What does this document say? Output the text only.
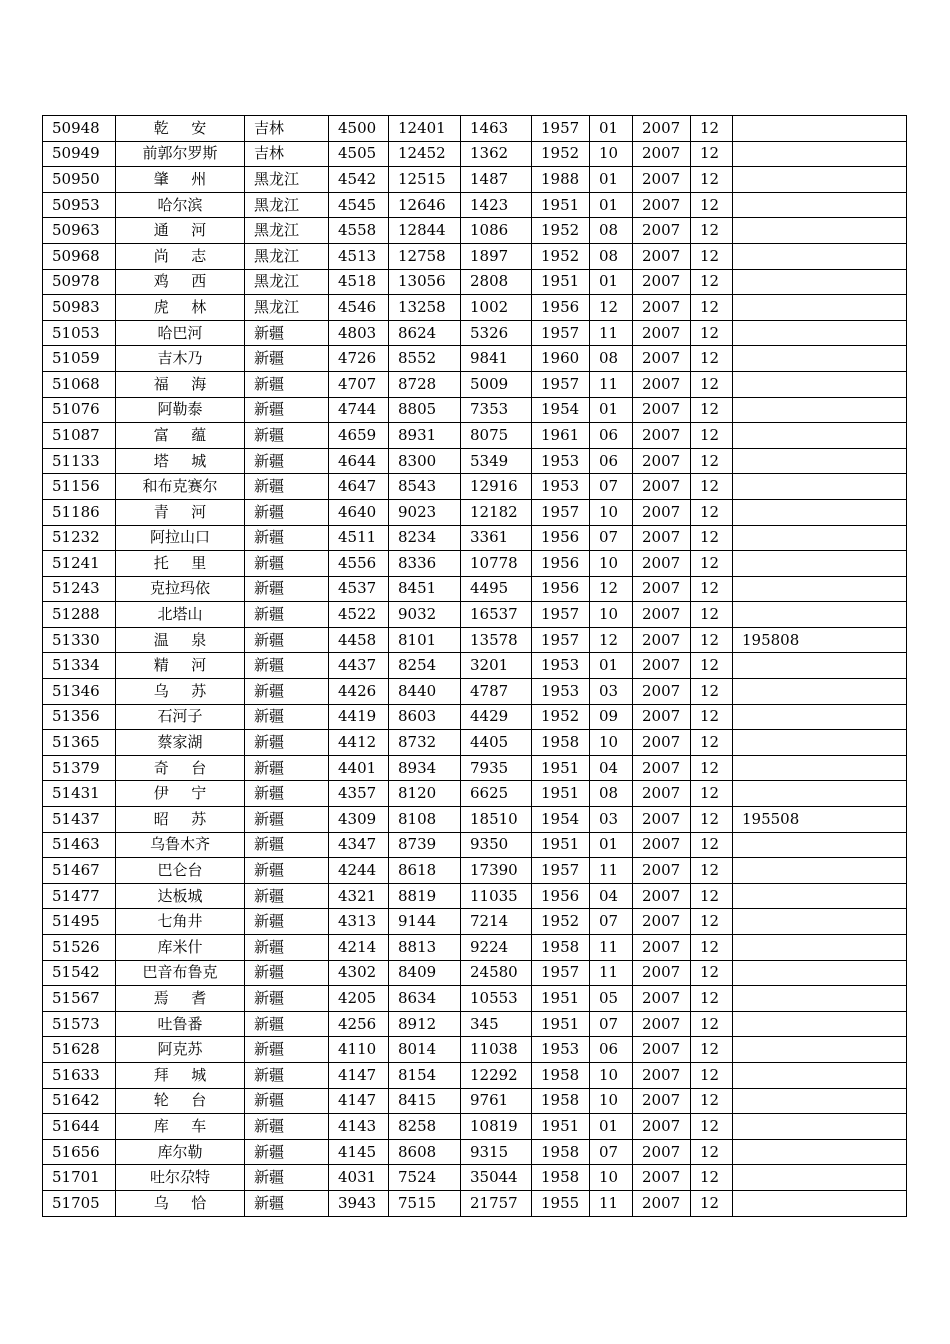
50948	乾　 安	吉林	4500	12401	1463	1957	01	2007	12	
50949	前郭尔罗斯	吉林	4505	12452	1362	1952	10	2007	12	
50950	肇　 州	黑龙江	4542	12515	1487	1988	01	2007	12	
50953	哈尔滨	黑龙江	4545	12646	1423	1951	01	2007	12	
50963	通　 河	黑龙江	4558	12844	1086	1952	08	2007	12	
50968	尚　 志	黑龙江	4513	12758	1897	1952	08	2007	12	
50978	鸡　 西	黑龙江	4518	13056	2808	1951	01	2007	12	
50983	虎　 林	黑龙江	4546	13258	1002	1956	12	2007	12	
51053	哈巴河	新疆	4803	8624	5326	1957	11	2007	12	
51059	吉木乃	新疆	4726	8552	9841	1960	08	2007	12	
51068	福　 海	新疆	4707	8728	5009	1957	11	2007	12	
51076	阿勒泰	新疆	4744	8805	7353	1954	01	2007	12	
51087	富　 蕴	新疆	4659	8931	8075	1961	06	2007	12	
51133	塔　 城	新疆	4644	8300	5349	1953	06	2007	12	
51156	和布克赛尔	新疆	4647	8543	12916	1953	07	2007	12	
51186	青　 河	新疆	4640	9023	12182	1957	10	2007	12	
51232	阿拉山口	新疆	4511	8234	3361	1956	07	2007	12	
51241	托　 里	新疆	4556	8336	10778	1956	10	2007	12	
51243	克拉玛依	新疆	4537	8451	4495	1956	12	2007	12	
51288	北塔山	新疆	4522	9032	16537	1957	10	2007	12	
51330	温　 泉	新疆	4458	8101	13578	1957	12	2007	12	195808
51334	精　 河	新疆	4437	8254	3201	1953	01	2007	12	
51346	乌　 苏	新疆	4426	8440	4787	1953	03	2007	12	
51356	石河子	新疆	4419	8603	4429	1952	09	2007	12	
51365	蔡家湖	新疆	4412	8732	4405	1958	10	2007	12	
51379	奇　 台	新疆	4401	8934	7935	1951	04	2007	12	
51431	伊　 宁	新疆	4357	8120	6625	1951	08	2007	12	
51437	昭　 苏	新疆	4309	8108	18510	1954	03	2007	12	195508
51463	乌鲁木齐	新疆	4347	8739	9350	1951	01	2007	12	
51467	巴仑台	新疆	4244	8618	17390	1957	11	2007	12	
51477	达板城	新疆	4321	8819	11035	1956	04	2007	12	
51495	七角井	新疆	4313	9144	7214	1952	07	2007	12	
51526	库米什	新疆	4214	8813	9224	1958	11	2007	12	
51542	巴音布鲁克	新疆	4302	8409	24580	1957	11	2007	12	
51567	焉　 耆	新疆	4205	8634	10553	1951	05	2007	12	
51573	吐鲁番	新疆	4256	8912	345	1951	07	2007	12	
51628	阿克苏	新疆	4110	8014	11038	1953	06	2007	12	
51633	拜　 城	新疆	4147	8154	12292	1958	10	2007	12	
51642	轮　 台	新疆	4147	8415	9761	1958	10	2007	12	
51644	库　 车	新疆	4143	8258	10819	1951	01	2007	12	
51656	库尔勒	新疆	4145	8608	9315	1958	07	2007	12	
51701	吐尔尕特	新疆	4031	7524	35044	1958	10	2007	12	
51705	乌　 恰	新疆	3943	7515	21757	1955	11	2007	12	
